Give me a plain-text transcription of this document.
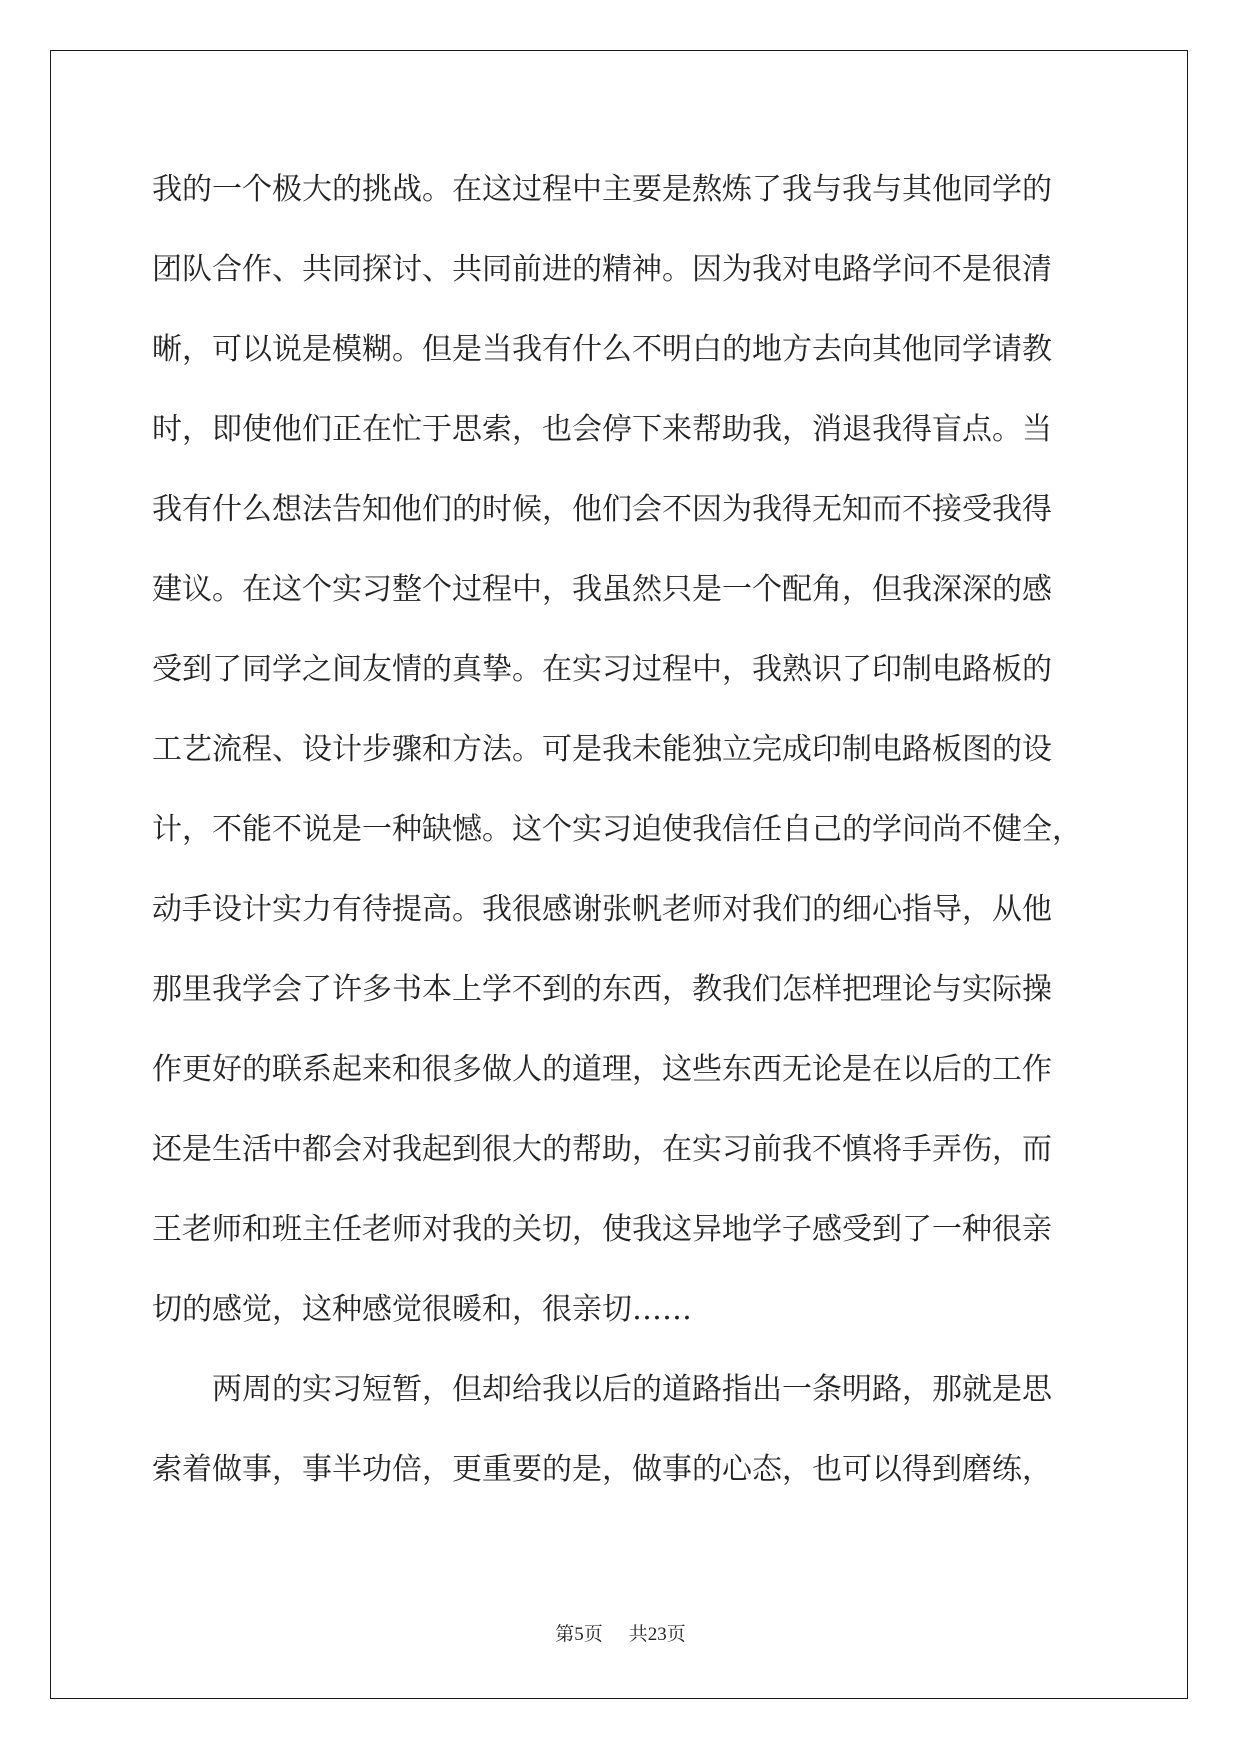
我的一个极大的挑战。在这过程中主要是熬炼了我与我与其他同学的

团队合作、共同探讨、共同前进的精神。因为我对电路学问不是很清

晰，可以说是模糊。但是当我有什么不明白的地方去向其他同学请教

时，即使他们正在忙于思索，也会停下来帮助我，消退我得盲点。当

我有什么想法告知他们的时候，他们会不因为我得无知而不接受我得

建议。在这个实习整个过程中，我虽然只是一个配角，但我深深的感

受到了同学之间友情的真挚。在实习过程中，我熟识了印制电路板的

工艺流程、设计步骤和方法。可是我未能独立完成印制电路板图的设

计，不能不说是一种缺憾。这个实习迫使我信任自己的学问尚不健全，

动手设计实力有待提高。我很感谢张帆老师对我们的细心指导，从他

那里我学会了许多书本上学不到的东西，教我们怎样把理论与实际操

作更好的联系起来和很多做人的道理，这些东西无论是在以后的工作

还是生活中都会对我起到很大的帮助，在实习前我不慎将手弄伤，而

王老师和班主任老师对我的关切，使我这异地学子感受到了一种很亲

切的感觉，这种感觉很暖和，很亲切……

两周的实习短暂，但却给我以后的道路指出一条明路，那就是思

索着做事，事半功倍，更重要的是，做事的心态，也可以得到磨练，

第5页 共23页
